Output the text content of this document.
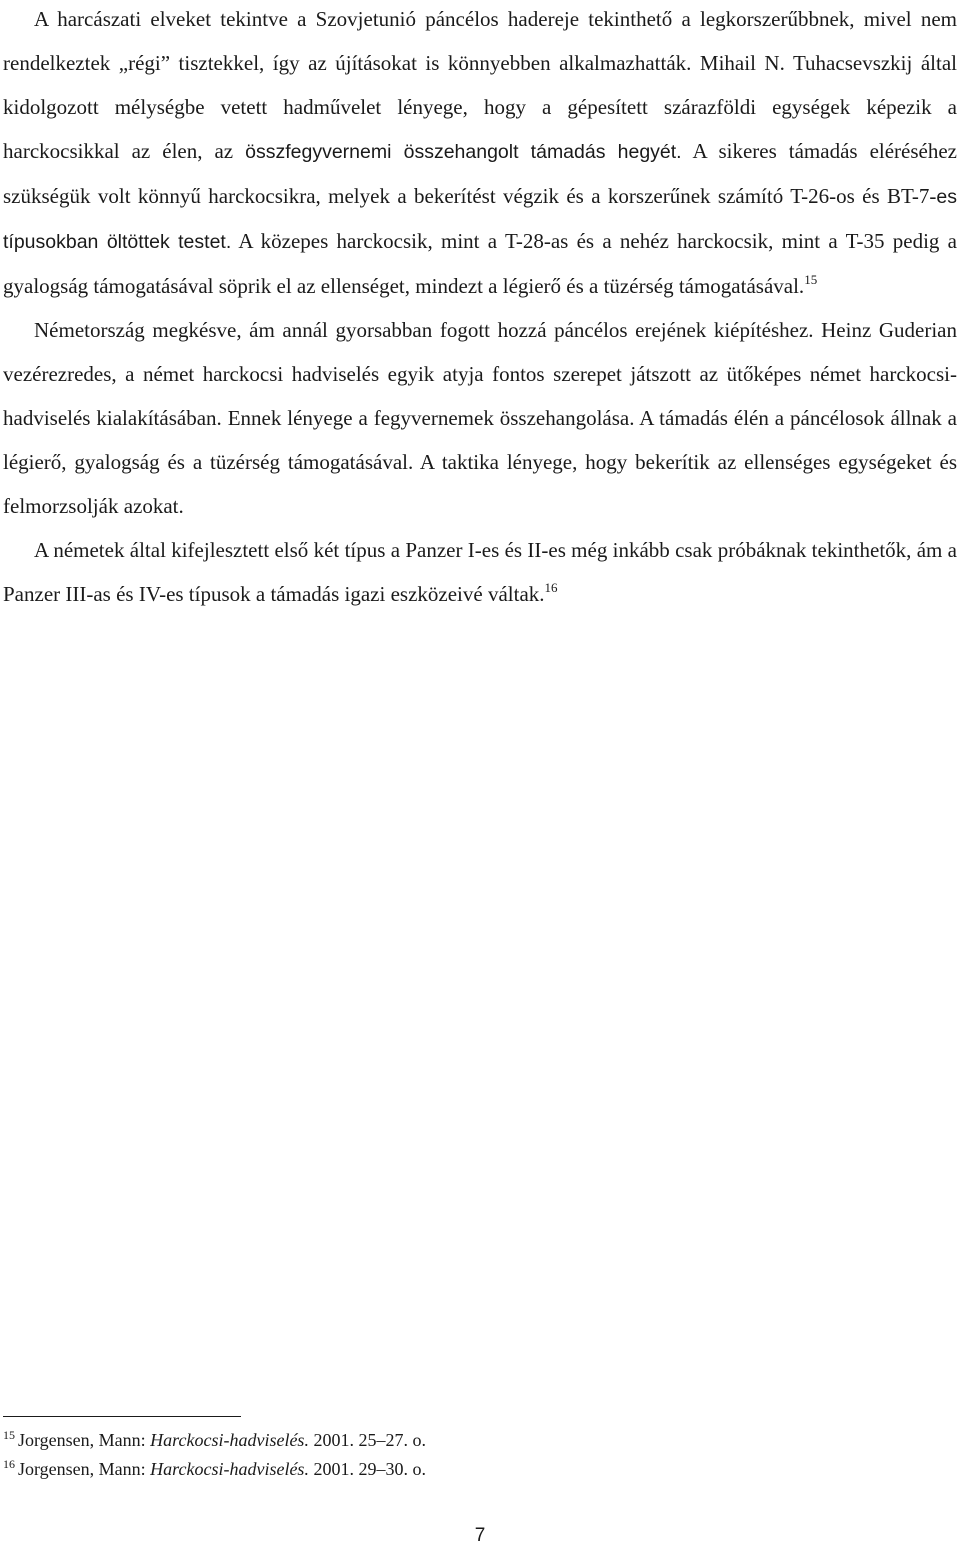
A harcászati elveket tekintve a Szovjetunió páncélos hadereje tekinthető a legkorszerűbbnek, mivel nem rendelkeztek „régi” tisztekkel, így az újításokat is könnyebben alkalmazhatták. Mihail N. Tuhacsevszkij által kidolgozott mélységbe vetett hadművelet lényege, hogy a gépesített szárazföldi egységek képezik a harckocsikkal az élen, az összfegyvernemi összehangolt támadás hegyét. A sikeres támadás eléréséhez szükségük volt könnyű harckocsikra, melyek a bekerítést végzik és a korszerűnek számító T-26-os és BT-7-es típusokban öltöttek testet. A közepes harckocsik, mint a T-28-as és a nehéz harckocsik, mint a T-35 pedig a gyalogság támogatásával söprik el az ellenséget, mindezt a légierő és a tüzérség támogatásával.$^{15}$

Németország megkésve, ám annál gyorsabban fogott hozzá páncélos erejének kiépítéshez. Heinz Guderian vezérezredes, a német harckocsi hadviselés egyik atyja fontos szerepet játszott az ütőképes német harckocsi-hadviselés kialakításában. Ennek lényege a fegyvernemek összehangolása. A támadás élén a páncélosok állnak a légierő, gyalogság és a tüzérség támogatásával. A taktika lényege, hogy bekerítik az ellenséges egységeket és felmorzsolják azokat.

A németek által kifejlesztett első két típus a Panzer I-es és II-es még inkább csak próbáknak tekinthetők, ám a Panzer III-as és IV-es típusok a támadás igazi eszközeivé váltak.$^{16}$

$^{15}$ Jorgensen, Mann: Harckocsi-hadviselés. 2001. 25–27. o.

$^{16}$ Jorgensen, Mann: Harckocsi-hadviselés. 2001. 29–30. o.

7
